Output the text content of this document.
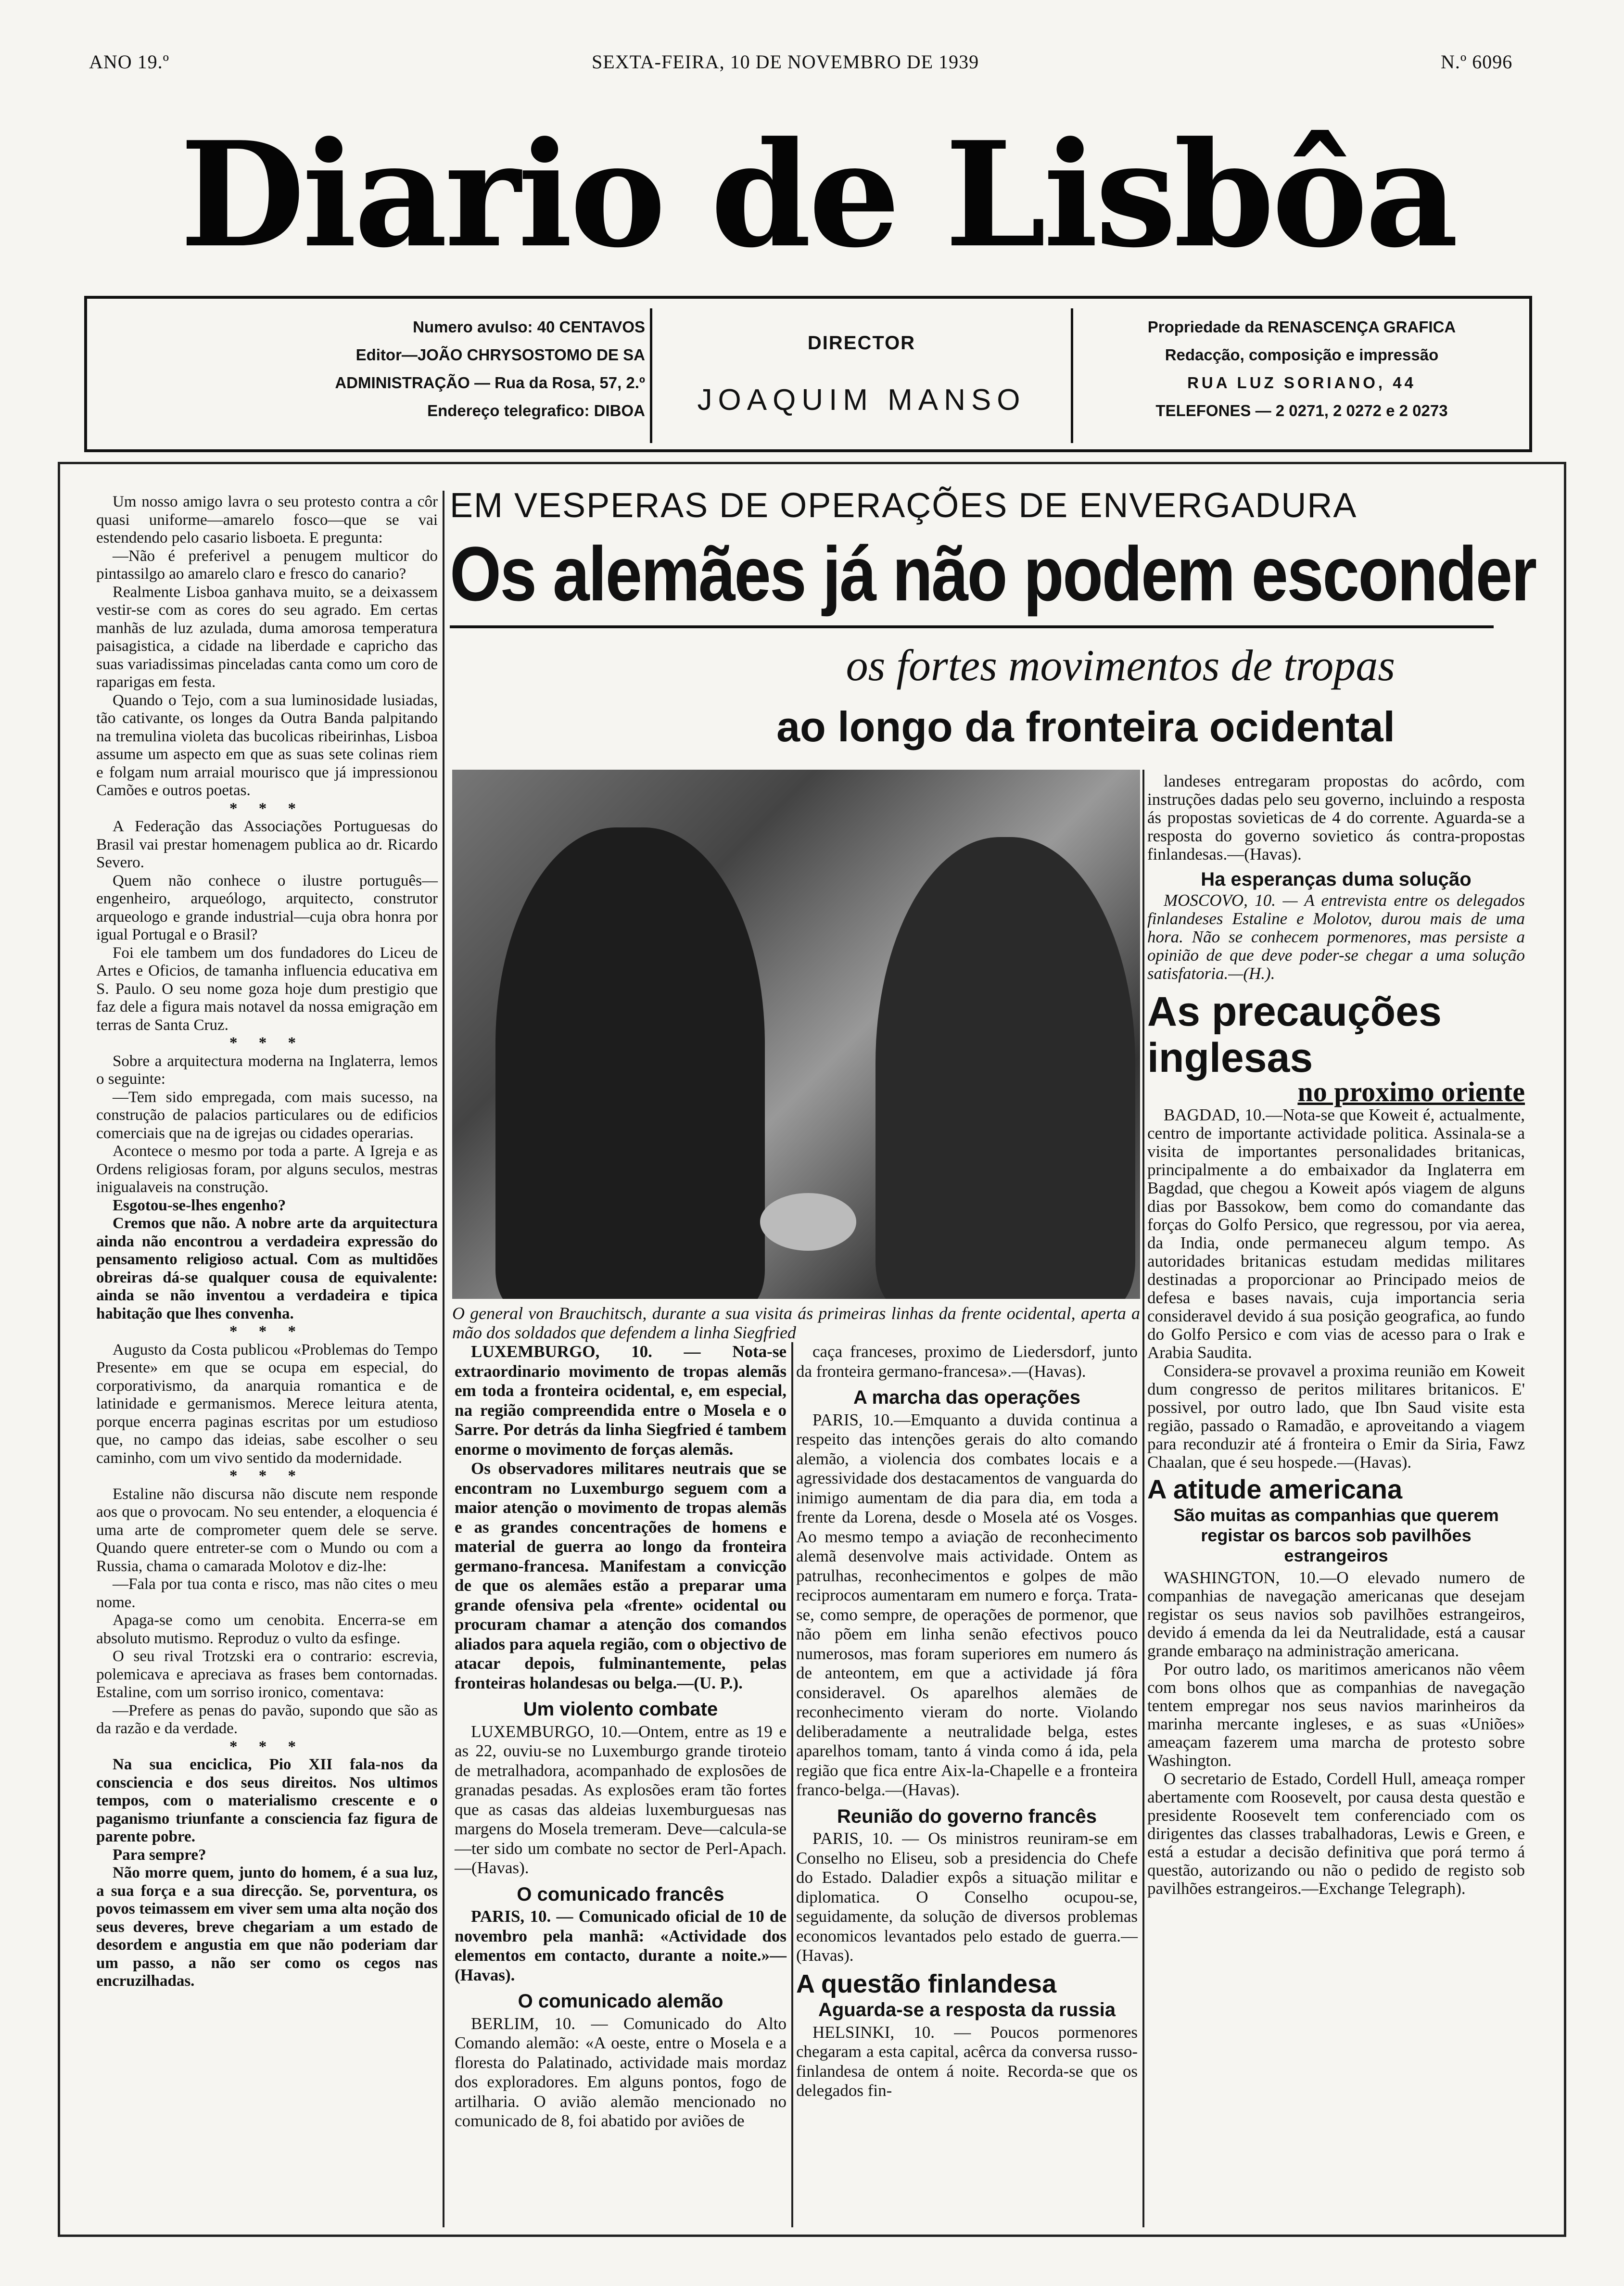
ANO 19.º	SEXTA-FEIRA, 10 DE NOVEMBRO DE 1939	N.º 6096
Diario de Lisbôa
Numero avulso: 40 CENTAVOS
Editor—JOÃO CHRYSOSTOMO DE SA
ADMINISTRAÇÃO — Rua da Rosa, 57, 2.º
Endereço telegrafico: DIBOA
DIRECTOR
JOAQUIM MANSO
Propriedade da RENASCENÇA GRAFICA
Redacção, composição e impressão
RUA LUZ SORIANO, 44
TELEFONES — 2 0271, 2 0272 e 2 0273

Um nosso amigo lavra o seu protesto contra a côr quasi uniforme—amarelo fosco—que se vai estendendo pelo casario lisboeta. E pregunta:

—Não é preferivel a penugem multicor do pintassilgo ao amarelo claro e fresco do canario?

Realmente Lisboa ganhava muito, se a deixassem vestir-se com as cores do seu agrado. Em certas manhãs de luz azulada, duma amorosa temperatura paisagistica, a cidade na liberdade e capricho das suas variadissimas pinceladas canta como um coro de raparigas em festa.

Quando o Tejo, com a sua luminosidade lusiadas, tão cativante, os longes da Outra Banda palpitando na tremulina violeta das bucolicas ribeirinhas, Lisboa assume um aspecto em que as suas sete colinas riem e folgam num arraial mourisco que já impressionou Camões e outros poetas.

* * *

A Federação das Associações Portuguesas do Brasil vai prestar homenagem publica ao dr. Ricardo Severo.

Quem não conhece o ilustre português—engenheiro, arqueólogo, arquitecto, construtor arqueologo e grande industrial—cuja obra honra por igual Portugal e o Brasil?

Foi ele tambem um dos fundadores do Liceu de Artes e Oficios, de tamanha influencia educativa em S. Paulo. O seu nome goza hoje dum prestigio que faz dele a figura mais notavel da nossa emigração em terras de Santa Cruz.

* * *

Sobre a arquitectura moderna na Inglaterra, lemos o seguinte:

—Tem sido empregada, com mais sucesso, na construção de palacios particulares ou de edificios comerciais que na de igrejas ou cidades operarias.

Acontece o mesmo por toda a parte. A Igreja e as Ordens religiosas foram, por alguns seculos, mestras inigualaveis na construção.

Esgotou-se-lhes engenho?

Cremos que não. A nobre arte da arquitectura ainda não encontrou a verdadeira expressão do pensamento religioso actual. Com as multidões obreiras dá-se qualquer cousa de equivalente: ainda se não inventou a verdadeira e tipica habitação que lhes convenha.

* * *

Augusto da Costa publicou «Problemas do Tempo Presente» em que se ocupa em especial, do corporativismo, da anarquia romantica e de latinidade e germanismos. Merece leitura atenta, porque encerra paginas escritas por um estudioso que, no campo das ideias, sabe escolher o seu caminho, com um vivo sentido da modernidade.

* * *

Estaline não discursa não discute nem responde aos que o provocam. No seu entender, a eloquencia é uma arte de comprometer quem dele se serve. Quando quere entreter-se com o Mundo ou com a Russia, chama o camarada Molotov e diz-lhe:

—Fala por tua conta e risco, mas não cites o meu nome.

Apaga-se como um cenobita. Encerra-se em absoluto mutismo. Reproduz o vulto da esfinge.

O seu rival Trotzski era o contrario: escrevia, polemicava e apreciava as frases bem contornadas. Estaline, com um sorriso ironico, comentava:

—Prefere as penas do pavão, supondo que são as da razão e da verdade.

* * *

Na sua enciclica, Pio XII fala-nos da consciencia e dos seus direitos. Nos ultimos tempos, com o materialismo crescente e o paganismo triunfante a consciencia faz figura de parente pobre.

Para sempre?

Não morre quem, junto do homem, é a sua luz, a sua força e a sua direcção. Se, porventura, os povos teimassem em viver sem uma alta noção dos seus deveres, breve chegariam a um estado de desordem e angustia em que não poderiam dar um passo, a não ser como os cegos nas encruzilhadas.

EM VESPERAS DE OPERAÇÕES DE ENVERGADURA
Os alemães já não podem esconder
os fortes movimentos de tropas
ao longo da fronteira ocidental
O general von Brauchitsch, durante a sua visita ás primeiras linhas da frente ocidental, aperta a mão dos soldados que defendem a linha Siegfried

LUXEMBURGO, 10. — Nota-se extraordinario movimento de tropas alemãs em toda a fronteira ocidental, e, em especial, na região compreendida entre o Mosela e o Sarre. Por detrás da linha Siegfried é tambem enorme o movimento de forças alemãs.

Os observadores militares neutrais que se encontram no Luxemburgo seguem com a maior atenção o movimento de tropas alemãs e as grandes concentrações de homens e material de guerra ao longo da fronteira germano-francesa. Manifestam a convicção de que os alemães estão a preparar uma grande ofensiva pela «frente» ocidental ou procuram chamar a atenção dos comandos aliados para aquela região, com o objectivo de atacar depois, fulminantemente, pelas fronteiras holandesas ou belga.—(U. P.).

Um violento combate

LUXEMBURGO, 10.—Ontem, entre as 19 e as 22, ouviu-se no Luxemburgo grande tiroteio de metralhadora, acompanhado de explosões de granadas pesadas. As explosões eram tão fortes que as casas das aldeias luxemburguesas nas margens do Mosela tremeram. Deve—calcula-se—ter sido um combate no sector de Perl-Apach.—(Havas).

O comunicado francês

PARIS, 10. — Comunicado oficial de 10 de novembro pela manhã: «Actividade dos elementos em contacto, durante a noite.»—(Havas).

O comunicado alemão

BERLIM, 10. — Comunicado do Alto Comando alemão: «A oeste, entre o Mosela e a floresta do Palatinado, actividade mais mordaz dos exploradores. Em alguns pontos, fogo de artilharia. O avião alemão mencionado no comunicado de 8, foi abatido por aviões de

caça franceses, proximo de Liedersdorf, junto da fronteira germano-francesa».—(Havas).

A marcha das operações

PARIS, 10.—Emquanto a duvida continua a respeito das intenções gerais do alto comando alemão, a violencia dos combates locais e a agressividade dos destacamentos de vanguarda do inimigo aumentam de dia para dia, em toda a frente da Lorena, desde o Mosela até os Vosges. Ao mesmo tempo a aviação de reconhecimento alemã desenvolve mais actividade. Ontem as patrulhas, reconhecimentos e golpes de mão reciprocos aumentaram em numero e força. Trata-se, como sempre, de operações de pormenor, que não põem em linha senão efectivos pouco numerosos, mas foram superiores em numero ás de anteontem, em que a actividade já fôra consideravel. Os aparelhos alemães de reconhecimento vieram do norte. Violando deliberadamente a neutralidade belga, estes aparelhos tomam, tanto á vinda como á ida, pela região que fica entre Aix-la-Chapelle e a fronteira franco-belga.—(Havas).

Reunião do governo francês

PARIS, 10. — Os ministros reuniram-se em Conselho no Eliseu, sob a presidencia do Chefe do Estado. Daladier expôs a situação militar e diplomatica. O Conselho ocupou-se, seguidamente, da solução de diversos problemas economicos levantados pelo estado de guerra.—(Havas).

A questão finlandesa
Aguarda-se a resposta da russia

HELSINKI, 10. — Poucos pormenores chegaram a esta capital, acêrca da conversa russo-finlandesa de ontem á noite. Recorda-se que os delegados fin-

landeses entregaram propostas do acôrdo, com instruções dadas pelo seu governo, incluindo a resposta ás propostas sovieticas de 4 do corrente. Aguarda-se a resposta do governo sovietico ás contra-propostas finlandesas.—(Havas).

Ha esperanças duma solução

MOSCOVO, 10. — A entrevista entre os delegados finlandeses Estaline e Molotov, durou mais de uma hora. Não se conhecem pormenores, mas persiste a opinião de que deve poder-se chegar a uma solução satisfatoria.—(H.).

As precauções inglesas
no proximo oriente

BAGDAD, 10.—Nota-se que Koweit é, actualmente, centro de importante actividade politica. Assinala-se a visita de importantes personalidades britanicas, principalmente a do embaixador da Inglaterra em Bagdad, que chegou a Koweit após viagem de alguns dias por Bassokow, bem como do comandante das forças do Golfo Persico, que regressou, por via aerea, da India, onde permaneceu algum tempo. As autoridades britanicas estudam medidas militares destinadas a proporcionar ao Principado meios de defesa e bases navais, cuja importancia seria consideravel devido á sua posição geografica, ao fundo do Golfo Persico e com vias de acesso para o Irak e Arabia Saudita.

Considera-se provavel a proxima reunião em Koweit dum congresso de peritos militares britanicos. E' possivel, por outro lado, que Ibn Saud visite esta região, passado o Ramadão, e aproveitando a viagem para reconduzir até á fronteira o Emir da Siria, Fawz Chaalan, que é seu hospede.—(Havas).

A atitude americana
São muitas as companhias que querem registar os barcos sob pavilhões estrangeiros

WASHINGTON, 10.—O elevado numero de companhias de navegação americanas que desejam registar os seus navios sob pavilhões estrangeiros, devido á emenda da lei da Neutralidade, está a causar grande embaraço na administração americana.

Por outro lado, os maritimos americanos não vêem com bons olhos que as companhias de navegação tentem empregar nos seus navios marinheiros da marinha mercante ingleses, e as suas «Uniões» ameaçam fazerem uma marcha de protesto sobre Washington.

O secretario de Estado, Cordell Hull, ameaça romper abertamente com Roosevelt, por causa desta questão e presidente Roosevelt tem conferenciado com os dirigentes das classes trabalhadoras, Lewis e Green, e está a estudar a decisão definitiva que porá termo á questão, autorizando ou não o pedido de registo sob pavilhões estrangeiros.—Exchange Telegraph).
